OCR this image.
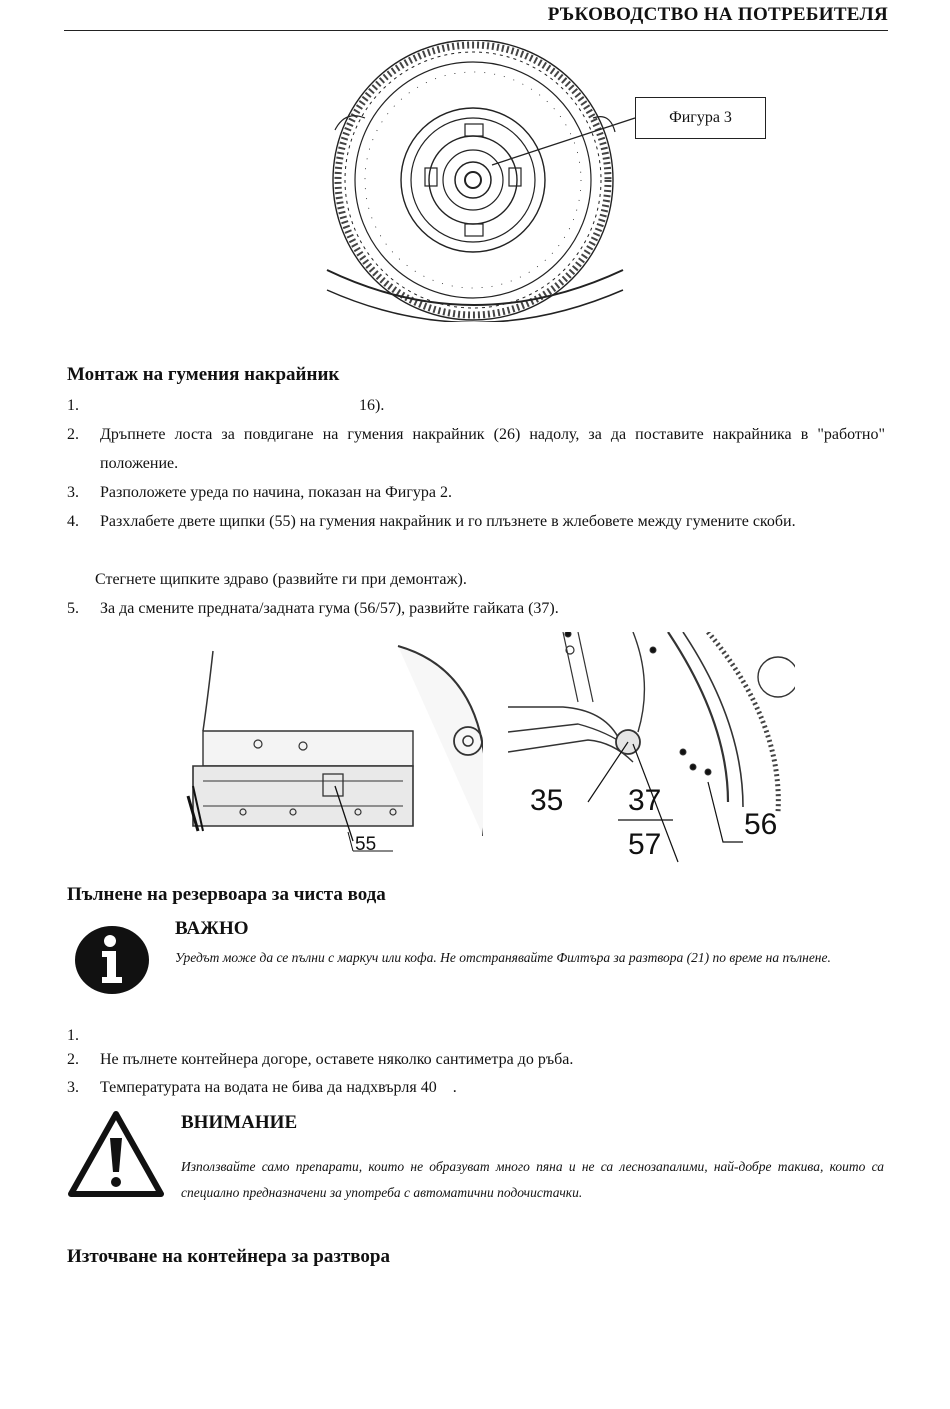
РЪКОВОДСТВО НА ПОТРЕБИТЕЛЯ
Фигура 3
Монтаж на гумения накрайник
1.	16).
2. Дръпнете лоста за повдигане на гумения накрайник (26) надолу, за да поставите накрайника в "работно" положение.
3. Разположете уреда по начина, показан на Фигура 2.
4. Разхлабете двете щипки (55) на гумения накрайник и го плъзнете в жлебовете между гумените скоби.
Стегнете щипките здраво (развийте ги при демонтаж).
5. За да смените предната/задната гума (56/57), развийте гайката (37).
55
35 37
57
56
Пълнене на резервоара за чиста вода
ВАЖНО
Уредът може да се пълни с маркуч или кофа. Не отстранявайте Филтъра за разтвора (21) по време на пълнене.
1.
2. Не пълнете контейнера догоре, оставете няколко сантиметра до ръба.
3. Температурата на водата не бива да надхвърля 40    .
ВНИМАНИЕ
Използвайте само препарати, които не образуват много пяна и не са леснозапалими, най-добре такива, които са специално предназначени за употреба с автоматични подочистачки.
Източване на контейнера за разтвора
